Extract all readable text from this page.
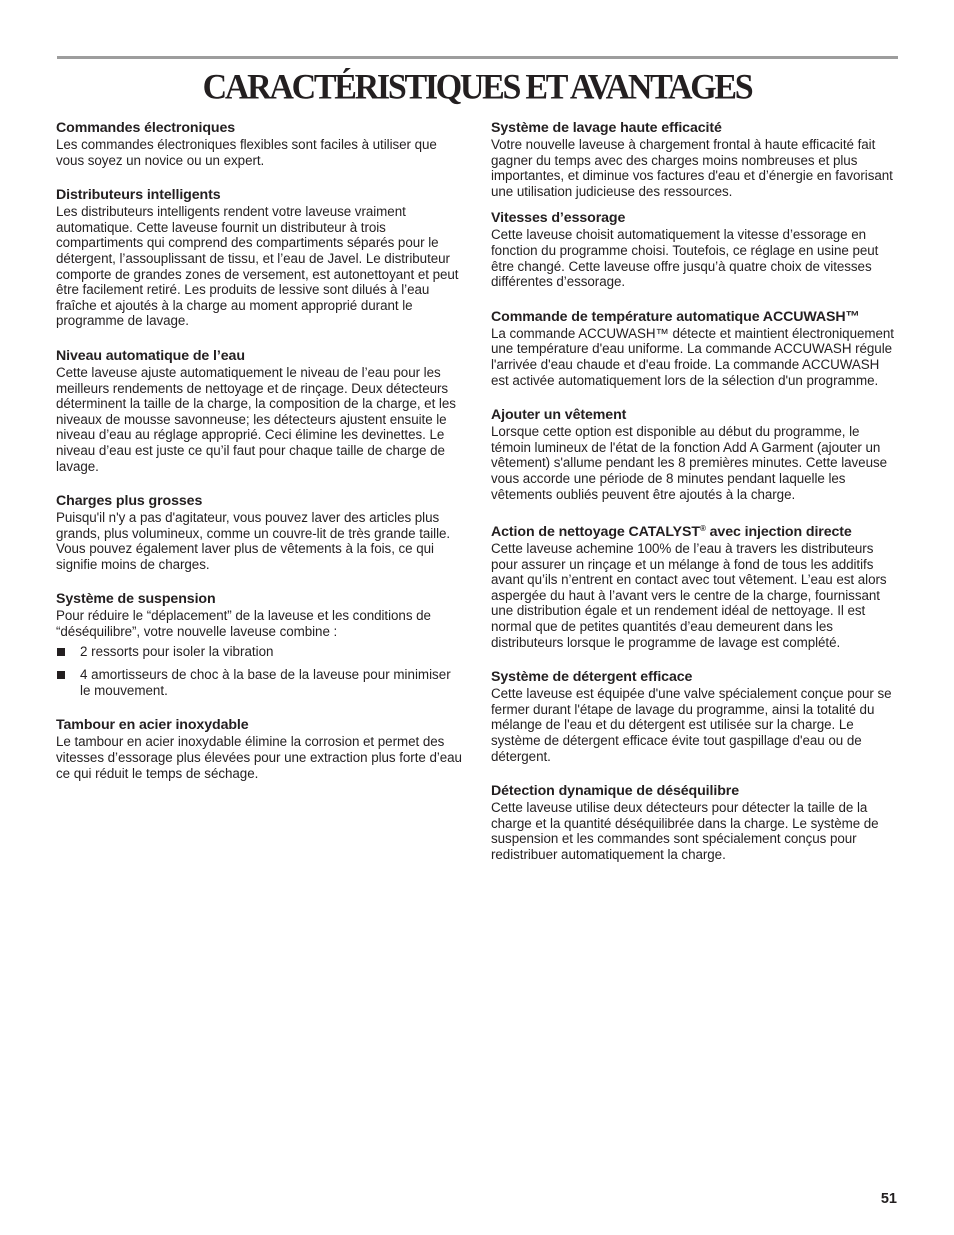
CARACTÉRISTIQUES ET AVANTAGES
Commandes électroniques

Les commandes électroniques flexibles sont faciles à utiliser que vous soyez un novice ou un expert.

Distributeurs intelligents

Les distributeurs intelligents rendent votre laveuse vraiment automatique. Cette laveuse fournit un distributeur à trois compartiments qui comprend des compartiments séparés pour le détergent, l’assouplissant de tissu, et l’eau de Javel. Le distributeur comporte de grandes zones de versement, est autonettoyant et peut être facilement retiré. Les produits de lessive sont dilués à l’eau fraîche et ajoutés à la charge au moment approprié durant le programme de lavage.

Niveau automatique de l’eau

Cette laveuse ajuste automatiquement le niveau de l’eau pour les meilleurs rendements de nettoyage et de rinçage. Deux détecteurs déterminent la taille de la charge, la composition de la charge, et les niveaux de mousse savonneuse; les détecteurs ajustent ensuite le niveau d’eau au réglage approprié. Ceci élimine les devinettes. Le niveau d’eau est juste ce qu’il faut pour chaque taille de charge de lavage.

Charges plus grosses

Puisqu'il n'y a pas d'agitateur, vous pouvez laver des articles plus grands, plus volumineux, comme un couvre-lit de très grande taille. Vous pouvez également laver plus de vêtements à la fois, ce qui signifie moins de charges.

Système de suspension

Pour réduire le “déplacement” de la laveuse et les conditions de “déséquilibre”, votre nouvelle laveuse combine :

2 ressorts pour isoler la vibration
4 amortisseurs de choc à la base de la laveuse pour minimiser le mouvement.
Tambour en acier inoxydable

Le tambour en acier inoxydable élimine la corrosion et permet des vitesses d’essorage plus élevées pour une extraction plus forte d’eau ce qui réduit le temps de séchage.

Système de lavage haute efficacité

Votre nouvelle laveuse à chargement frontal à haute efficacité fait gagner du temps avec des charges moins nombreuses et plus importantes, et diminue vos factures d'eau et d’énergie en favorisant une utilisation judicieuse des ressources.

Vitesses d’essorage

Cette laveuse choisit automatiquement la vitesse d’essorage en fonction du programme choisi. Toutefois, ce réglage en usine peut être changé. Cette laveuse offre jusqu’à quatre choix de vitesses différentes d’essorage.

Commande de température automatique ACCUWASH™

La commande ACCUWASH™ détecte et maintient électroniquement une température d'eau uniforme. La commande ACCUWASH régule l'arrivée d'eau chaude et d'eau froide. La commande ACCUWASH est activée automatiquement lors de la sélection d'un programme.

Ajouter un vêtement

Lorsque cette option est disponible au début du programme, le témoin lumineux de l'état de la fonction Add A Garment (ajouter un vêtement) s'allume pendant les 8 premières minutes. Cette laveuse vous accorde une période de 8 minutes pendant laquelle les vêtements oubliés peuvent être ajoutés à la charge.

Action de nettoyage CATALYST® avec injection directe

Cette laveuse achemine 100% de l’eau à travers les distributeurs pour assurer un rinçage et un mélange à fond de tous les additifs avant qu’ils n’entrent en contact avec tout vêtement. L’eau est alors aspergée du haut à l’avant vers le centre de la charge, fournissant une distribution égale et un rendement idéal de nettoyage. Il est normal que de petites quantités d’eau demeurent dans les distributeurs lorsque le programme de lavage est complété.

Système de détergent efficace

Cette laveuse est équipée d'une valve spécialement conçue pour se fermer durant l'étape de lavage du programme, ainsi la totalité du mélange de l'eau et du détergent est utilisée sur la charge. Le système de détergent efficace évite tout gaspillage d'eau ou de détergent.

Détection dynamique de déséquilibre

Cette laveuse utilise deux détecteurs pour détecter la taille de la charge et la quantité déséquilibrée dans la charge. Le système de suspension et les commandes sont spécialement conçus pour redistribuer automatiquement la charge.

51
